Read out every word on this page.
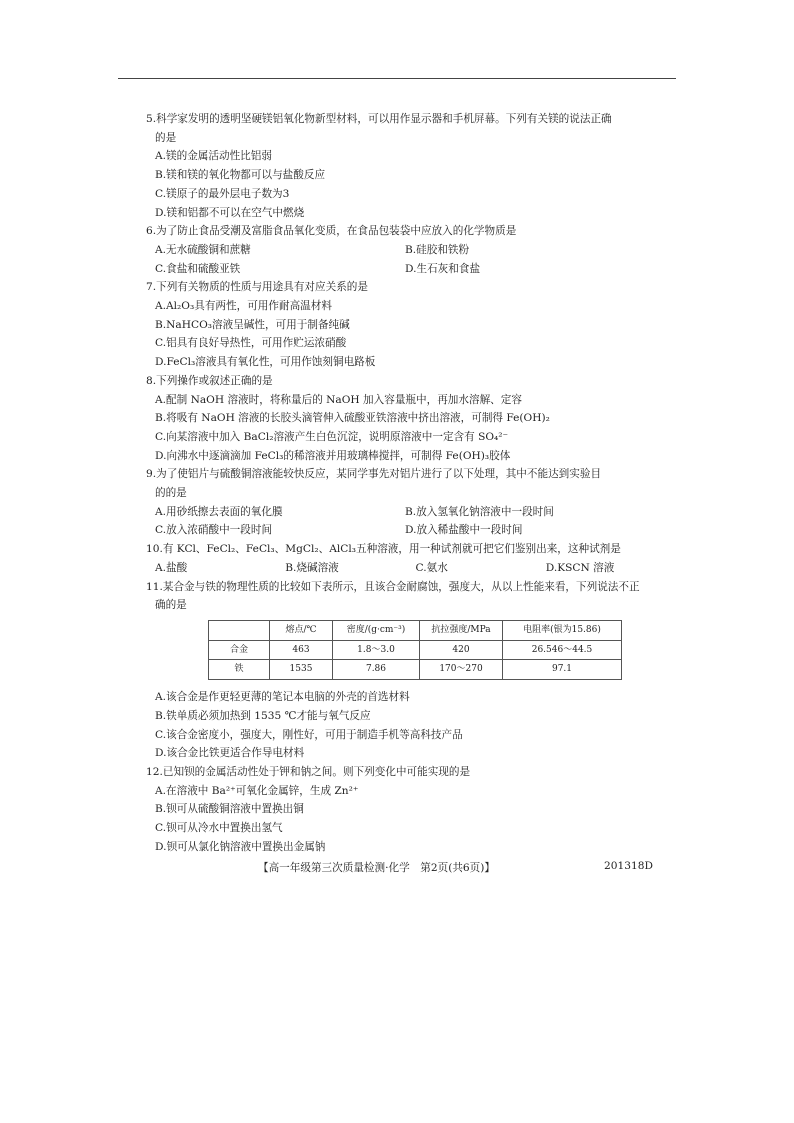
5.科学家发明的透明坚硬镁铝氧化物新型材料，可以用作显示器和手机屏幕。下列有关镁的说法正确
的是
A.镁的金属活动性比铝弱
B.镁和镁的氧化物都可以与盐酸反应
C.镁原子的最外层电子数为3
D.镁和铝都不可以在空气中燃烧
6.为了防止食品受潮及富脂食品氧化变质，在食品包装袋中应放入的化学物质是
A.无水硫酸铜和蔗糖	B.硅胶和铁粉
C.食盐和硫酸亚铁	D.生石灰和食盐
7.下列有关物质的性质与用途具有对应关系的是
A.Al₂O₃具有两性，可用作耐高温材料
B.NaHCO₃溶液呈碱性，可用于制备纯碱
C.铝具有良好导热性，可用作贮运浓硝酸
D.FeCl₃溶液具有氧化性，可用作蚀刻铜电路板
8.下列操作或叙述正确的是
A.配制 NaOH 溶液时，将称量后的 NaOH 加入容量瓶中，再加水溶解、定容
B.将吸有 NaOH 溶液的长胶头滴管伸入硫酸亚铁溶液中挤出溶液，可制得 Fe(OH)₂
C.向某溶液中加入 BaCl₂溶液产生白色沉淀，说明原溶液中一定含有 SO₄²⁻
D.向沸水中逐滴滴加 FeCl₃的稀溶液并用玻璃棒搅拌，可制得 Fe(OH)₃胶体
9.为了使铝片与硫酸铜溶液能较快反应，某同学事先对铝片进行了以下处理，其中不能达到实验目
的的是
A.用砂纸擦去表面的氧化膜	B.放入氢氧化钠溶液中一段时间
C.放入浓硝酸中一段时间	D.放入稀盐酸中一段时间
10.有 KCl、FeCl₂、FeCl₃、MgCl₂、AlCl₃五种溶液，用一种试剂就可把它们鉴别出来，这种试剂是
A.盐酸	B.烧碱溶液	C.氨水	D.KSCN 溶液
11.某合金与铁的物理性质的比较如下表所示，且该合金耐腐蚀，强度大，从以上性能来看，下列说法不正
确的是
	熔点/℃	密度/(g·cm⁻³)	抗拉强度/MPa	电阻率(银为15.86)
合金	463	1.8～3.0	420	26.546～44.5
铁	1535	7.86	170～270	97.1
A.该合金是作更轻更薄的笔记本电脑的外壳的首选材料
B.铁单质必须加热到 1535 ℃才能与氧气反应
C.该合金密度小，强度大，刚性好，可用于制造手机等高科技产品
D.该合金比铁更适合作导电材料
12.已知钡的金属活动性处于钾和钠之间。则下列变化中可能实现的是
A.在溶液中 Ba²⁺可氧化金属锌，生成 Zn²⁺
B.钡可从硫酸铜溶液中置换出铜
C.钡可从冷水中置换出氢气
D.钡可从氯化钠溶液中置换出金属钠
【高一年级第三次质量检测·化学　第2页(共6页)】	201318D
